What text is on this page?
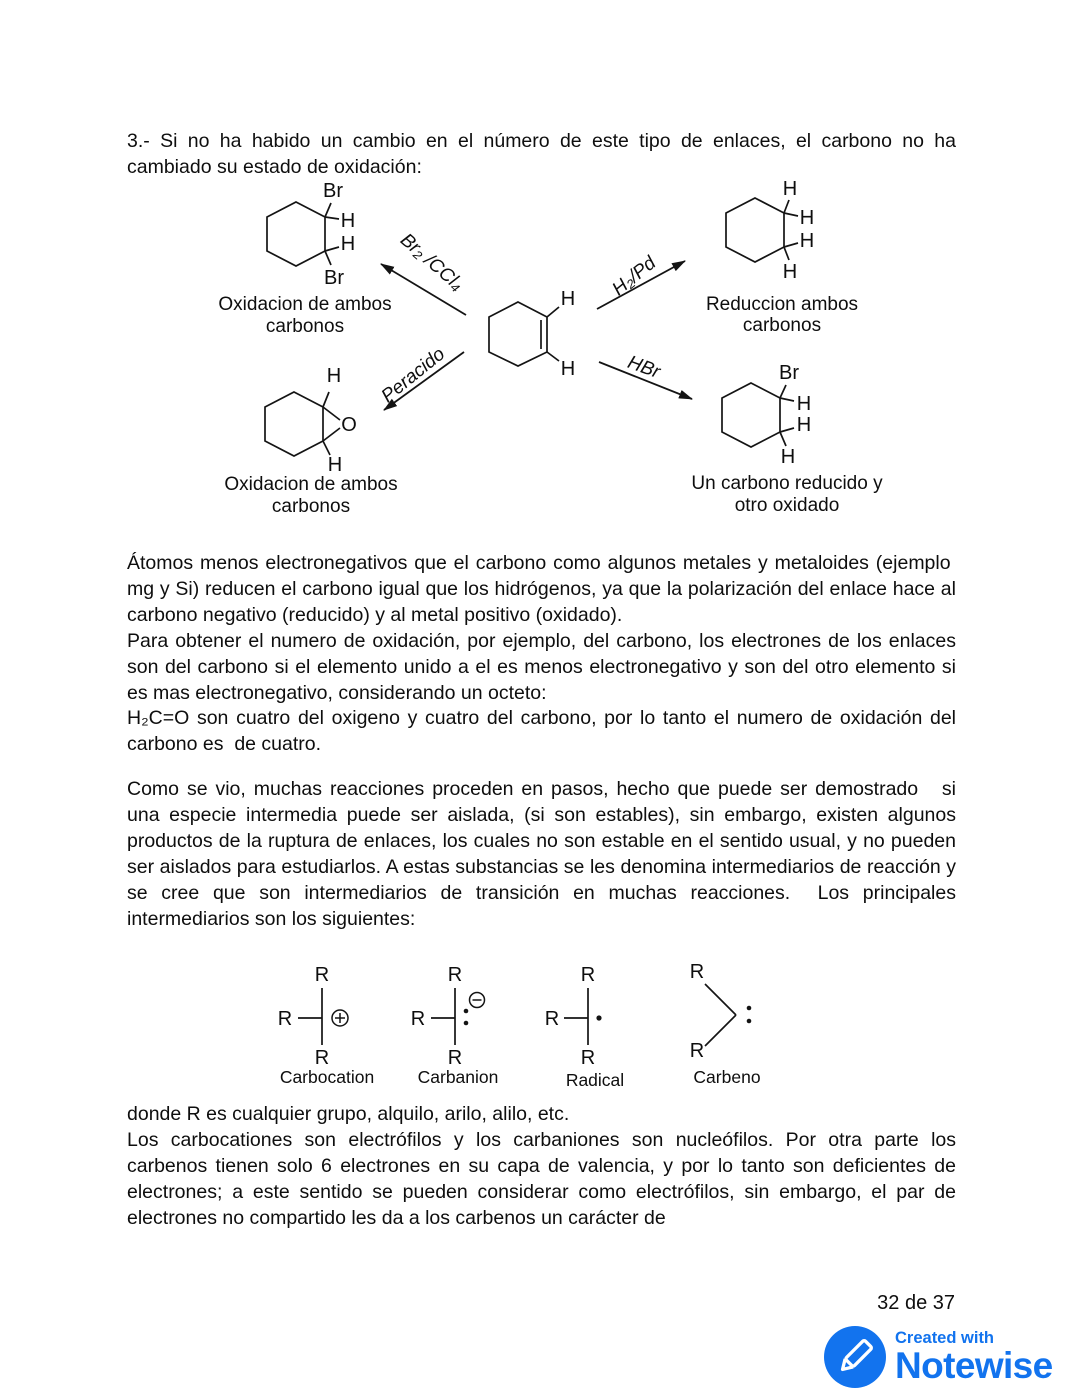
3.- Si no ha habido un cambio en el número de este tipo de enlaces, el carbono no ha cambiado su estado de oxidación:

Átomos menos electronegativos que el carbono como algunos metales y metaloides (ejemplo  mg y Si) reducen el carbono igual que los hidrógenos, ya que la polarización del enlace hace al carbono negativo (reducido) y al metal positivo (oxidado).

Para obtener el numero de oxidación, por ejemplo, del carbono, los electrones de los enlaces son del carbono si el elemento unido a el es menos electronegativo y son del otro elemento si es mas electronegativo, considerando un octeto:

H₂C=O son cuatro del oxigeno y cuatro del carbono, por lo tanto el numero de oxidación del carbono es  de cuatro.

Como se vio, muchas reacciones proceden en pasos, hecho que puede ser demostrado   si una especie intermedia puede ser aislada, (si son estables), sin embargo, existen algunos productos de la ruptura de enlaces, los cuales no son estable en el sentido usual, y no pueden ser aislados para estudiarlos. A estas substancias se les denomina intermediarios de reacción y se cree que son intermediarios de transición en muchas reacciones.  Los principales intermediarios son los siguientes:

donde R es cualquier grupo, alquilo, arilo, alilo, etc.

Los carbocationes son electrófilos y los carbaniones son nucleófilos. Por otra parte los carbenos tienen solo 6 electrones en su capa de valencia, y por lo tanto son deficientes de electrones; a este sentido se pueden considerar como electrófilos, sin embargo, el par de electrones no compartido les da a los carbenos un carácter de

H
H
Br
H
H
Br
H
H
H
H
O
H
H
Br
H
H
H
Br₂ /CCl₄	H₂/Pd
Peracido	HBr
Oxidacion de ambos
carbonos
Reduccion ambos
carbonos
Oxidacion de ambos
carbonos
Un carbono reducido y
otro oxidado
R
R
R
Carbocation
R
R
R
Carbanion
R
R
R
Radical
R
R
Carbeno
32 de 37
Created with
Notewise
